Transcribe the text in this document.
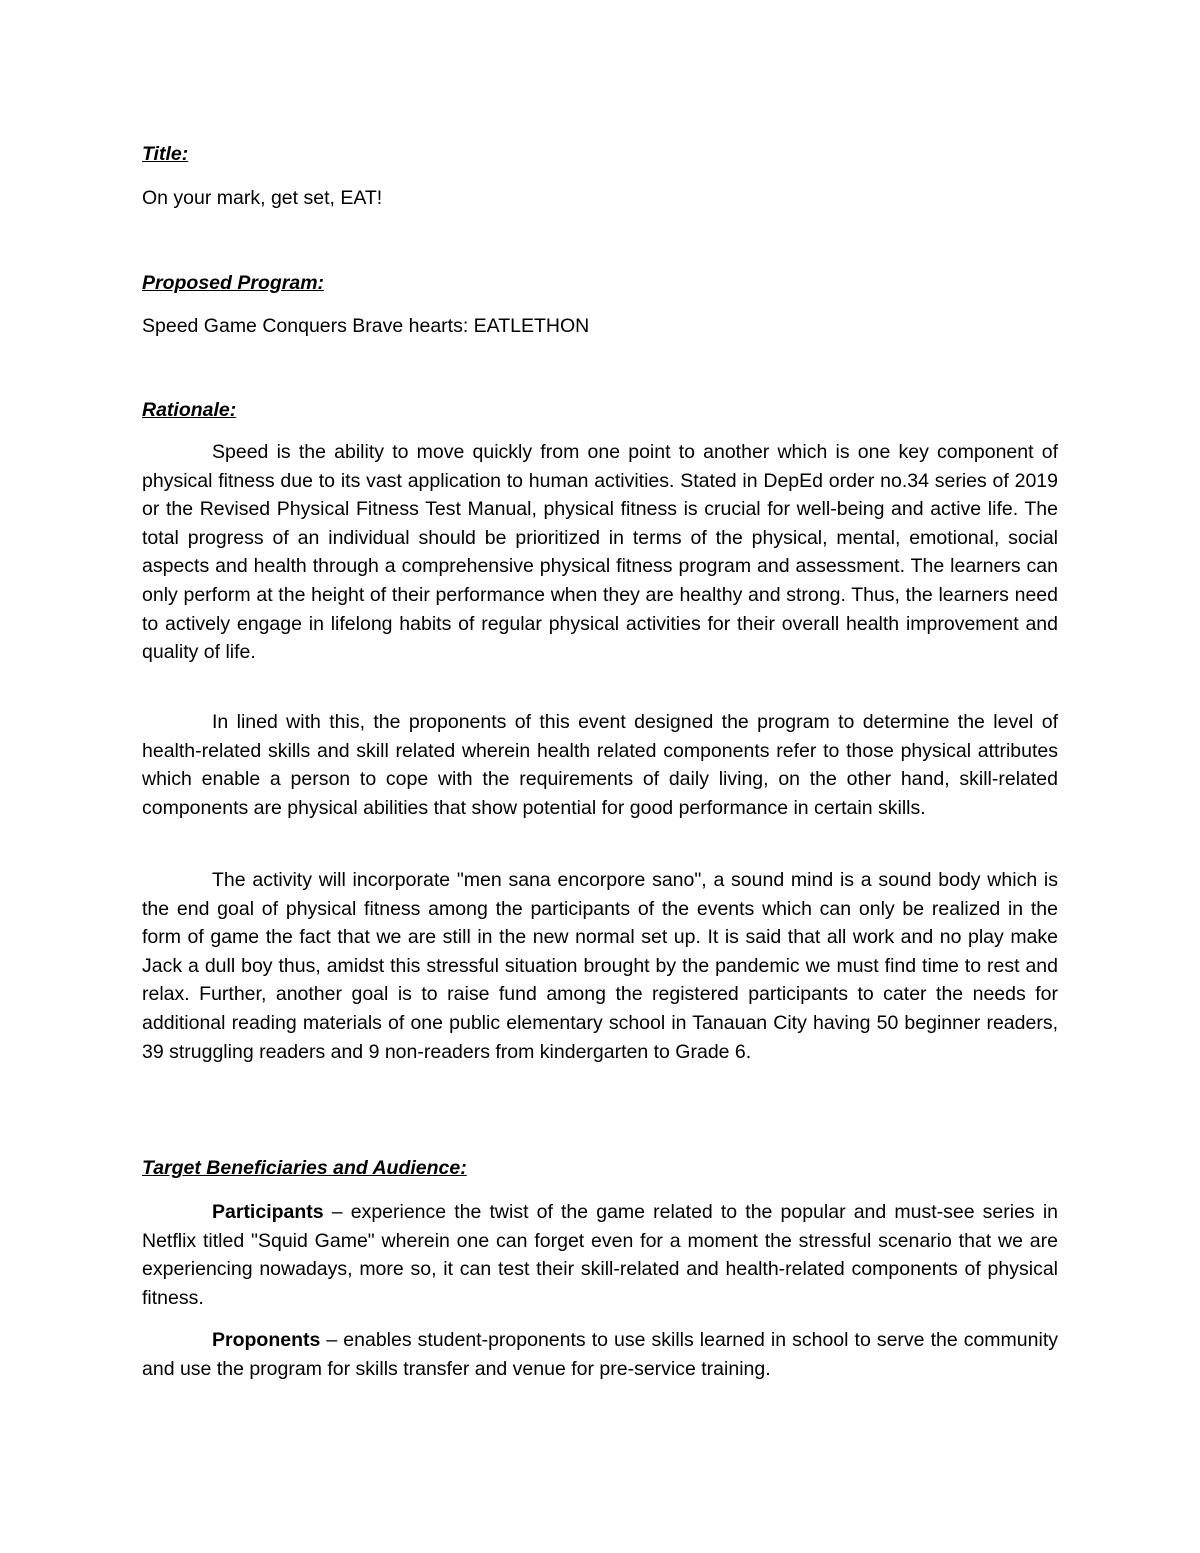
Title:

On your mark, get set, EAT!

Proposed Program:

Speed Game Conquers Brave hearts: EATLETHON

Rationale:

Speed is the ability to move quickly from one point to another which is one key component of physical fitness due to its vast application to human activities. Stated in DepEd order no.34 series of 2019 or the Revised Physical Fitness Test Manual, physical fitness is crucial for well-being and active life. The total progress of an individual should be prioritized in terms of the physical, mental, emotional, social aspects and health through a comprehensive physical fitness program and assessment. The learners can only perform at the height of their performance when they are healthy and strong. Thus, the learners need to actively engage in lifelong habits of regular physical activities for their overall health improvement and quality of life.

In lined with this, the proponents of this event designed the program to determine the level of health-related skills and skill related wherein health related components refer to those physical attributes which enable a person to cope with the requirements of daily living, on the other hand, skill-related components are physical abilities that show potential for good performance in certain skills.

The activity will incorporate "men sana encorpore sano", a sound mind is a sound body which is the end goal of physical fitness among the participants of the events which can only be realized in the form of game the fact that we are still in the new normal set up. It is said that all work and no play make Jack a dull boy thus, amidst this stressful situation brought by the pandemic we must find time to rest and relax. Further, another goal is to raise fund among the registered participants to cater the needs for additional reading materials of one public elementary school in Tanauan City having 50 beginner readers, 39 struggling readers and 9 non-readers from kindergarten to Grade 6.

Target Beneficiaries and Audience:

Participants – experience the twist of the game related to the popular and must-see series in Netflix titled "Squid Game" wherein one can forget even for a moment the stressful scenario that we are experiencing nowadays, more so, it can test their skill-related and health-related components of physical fitness.

Proponents – enables student-proponents to use skills learned in school to serve the community and use the program for skills transfer and venue for pre-service training.
